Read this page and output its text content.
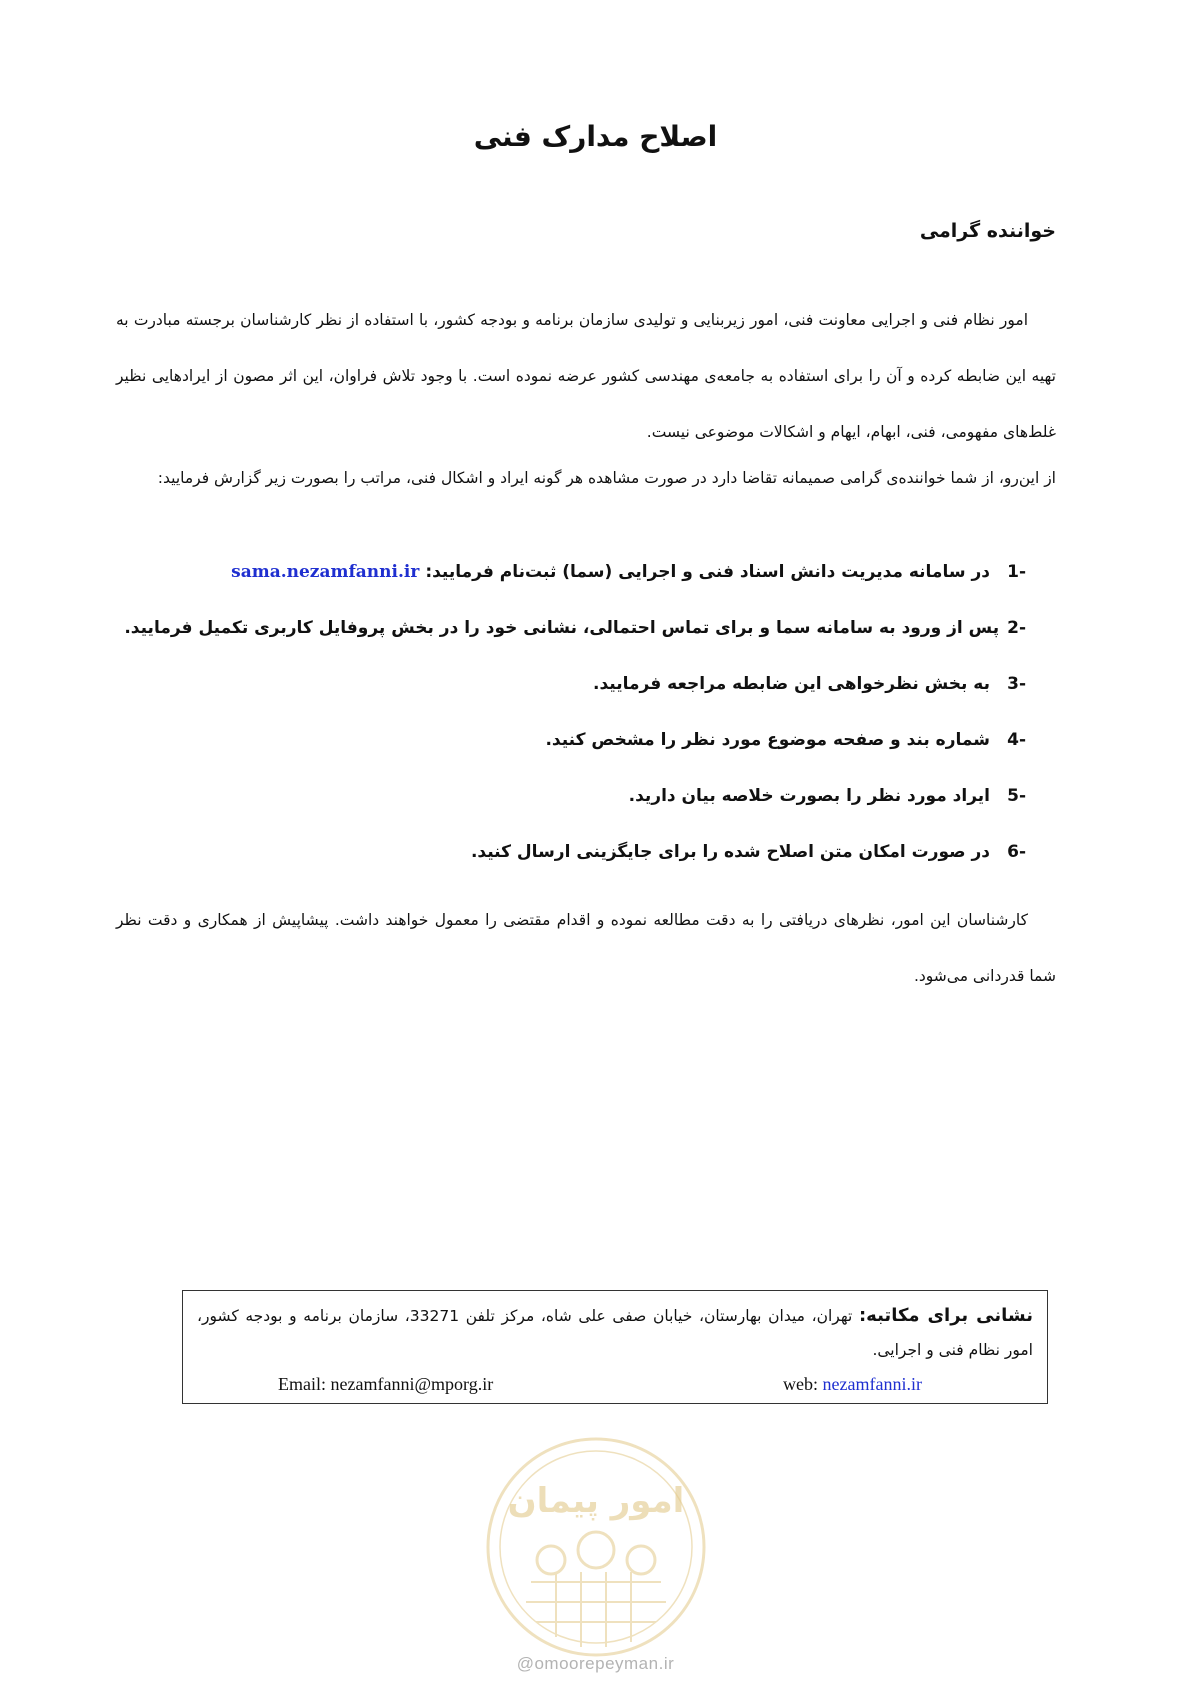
اصلاح مدارک فنی
خواننده گرامی
امور نظام فنی و اجرایی معاونت فنی، امور زیربنایی و تولیدی سازمان برنامه و بودجه کشور، با استفاده از نظر کارشناسان برجسته مبادرت به تهیه این ضابطه کرده و آن را برای استفاده به جامعه‌ی مهندسی کشور عرضه نموده است. با وجود تلاش فراوان، این اثر مصون از ایرادهایی نظیر غلط‌های مفهومی، فنی، ابهام، ایهام و اشکالات موضوعی نیست.
از این‌رو، از شما خواننده‌ی گرامی صمیمانه تقاضا دارد در صورت مشاهده هر گونه ایراد و اشکال فنی، مراتب را بصورت زیر گزارش فرمایید:
1-
در سامانه مدیریت دانش اسناد فنی و اجرایی (سما) ثبت‌نام فرمایید:
sama.nezamfanni.ir
2-
پس از ورود به سامانه سما و برای تماس احتمالی، نشانی خود را در بخش پروفایل کاربری تکمیل فرمایید.
3-
به بخش نظرخواهی این ضابطه مراجعه فرمایید.
4-
شماره بند و صفحه موضوع مورد نظر را مشخص کنید.
5-
ایراد مورد نظر را بصورت خلاصه بیان دارید.
6-
در صورت امکان متن اصلاح شده را برای جایگزینی ارسال کنید.
کارشناسان این امور، نظرهای دریافتی را به دقت مطالعه نموده و اقدام مقتضی را معمول خواهند داشت. پیشاپیش از همکاری و دقت نظر شما قدردانی می‌شود.
نشانی برای مکاتبه: تهران، میدان بهارستان، خیابان صفی علی شاه، مرکز تلفن 33271، سازمان برنامه و بودجه کشور، امور نظام فنی و اجرایی.
Email: nezamfanni@mporg.ir	web: nezamfanni.ir
امور پیمان
@omoorepeyman.ir
